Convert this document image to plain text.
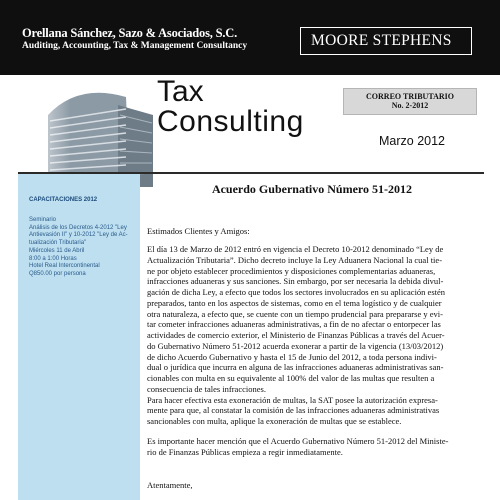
Orellana Sánchez, Sazo & Asociados, S.C.
Auditing, Accounting, Tax & Management Consultancy	MOORE STEPHENS
Tax
Consulting
CORREO TRIBUTARIO
No. 2-2012
Marzo 2012
CAPACITACIONES 2012
Seminario
Análisis de los Decretos 4-2012 "Ley
Antievasión II" y 10-2012 "Ley de Ac-
tualización Tributaria"
Miércoles 11 de Abril
8:00 a 1:00 Horas
Hotel Real Intercontinental
Q850.00 por persona
Acuerdo Gubernativo Número 51-2012
Estimados Clientes y Amigos:
El día 13 de Marzo de 2012 entró en vigencia el Decreto 10-2012 denominado “Ley de
Actualización Tributaria”. Dicho decreto incluye la Ley Aduanera Nacional la cual tie-
ne por objeto establecer procedimientos y disposiciones complementarias aduaneras,
infracciones aduaneras y sus sanciones. Sin embargo, por ser necesaria la debida divul-
gación de dicha Ley, a efecto que todos los sectores involucrados en su aplicación estén
preparados, tanto en los aspectos de sistemas, como en el tema logístico y de cualquier
otra naturaleza, a efecto que, se cuente con un tiempo prudencial para prepararse y evi-
tar cometer infracciones aduaneras administrativas, a fin de no afectar o entorpecer las
actividades de comercio exterior, el Ministerio de Finanzas Públicas a través del Acuer-
do Gubernativo Número 51-2012 acuerda exonerar a partir de la vigencia (13/03/2012)
de dicho Acuerdo Gubernativo y hasta el 15 de Junio del 2012, a toda persona indivi-
dual o jurídica que incurra en alguna de las infracciones aduaneras administrativas san-
cionables con multa en su equivalente al 100% del valor de las multas que resulten a
consecuencia de tales infracciones.
Para hacer efectiva esta exoneración de multas, la SAT posee la autorización expresa-
mente para que, al constatar la comisión de las infracciones aduaneras administrativas
sancionables con multa, aplique la exoneración de multas que se establece.
Es importante hacer mención que el Acuerdo Gubernativo Número 51-2012 del Ministe-
rio de Finanzas Públicas empieza a regir inmediatamente.
Atentamente,
